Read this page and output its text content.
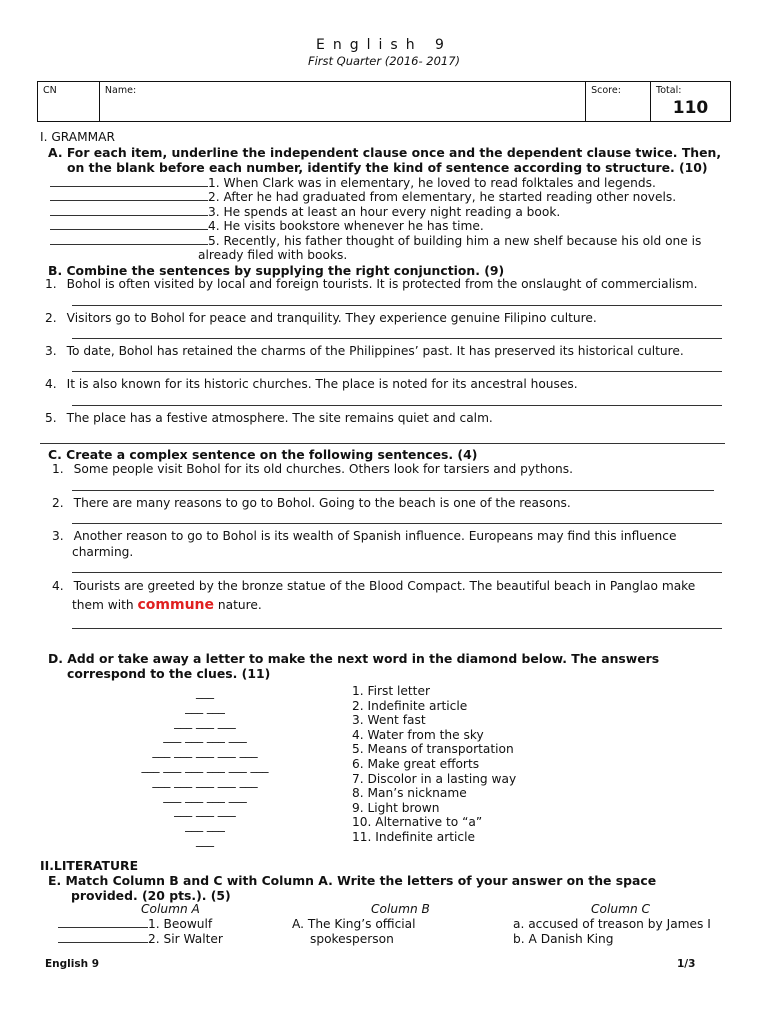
English 9
First Quarter (2016- 2017)
CN	Name:	Score:	Total:
110
I. GRAMMAR
A. For each item, underline the independent clause once and the dependent clause twice. Then,
on the blank before each number, identify the kind of sentence according to structure. (10)
1. When Clark was in elementary, he loved to read folktales and legends.
2. After he had graduated from elementary, he started reading other novels.
3. He spends at least an hour every night reading a book.
4. He visits bookstore whenever he has time.
5. Recently, his father thought of building him a new shelf because his old one is
already filed with books.
B. Combine the sentences by supplying the right conjunction. (9)
1. Bohol is often visited by local and foreign tourists. It is protected from the onslaught of commercialism.
2. Visitors go to Bohol for peace and tranquility. They experience genuine Filipino culture.
3. To date, Bohol has retained the charms of the Philippines’ past. It has preserved its historical culture.
4. It is also known for its historic churches. The place is noted for its ancestral houses.
5. The place has a festive atmosphere. The site remains quiet and calm.
C. Create a complex sentence on the following sentences. (4)
1. Some people visit Bohol for its old churches. Others look for tarsiers and pythons.
2. There are many reasons to go to Bohol. Going to the beach is one of the reasons.
3. Another reason to go to Bohol is its wealth of Spanish influence. Europeans may find this influence
charming.
4. Tourists are greeted by the bronze statue of the Blood Compact. The beautiful beach in Panglao make
them with commune nature.
D. Add or take away a letter to make the next word in the diamond below. The answers
correspond to the clues. (11)
___
___ ___
___ ___ ___
___ ___ ___ ___
___ ___ ___ ___ ___
___ ___ ___ ___ ___ ___
___ ___ ___ ___ ___
___ ___ ___ ___
___ ___ ___
___ ___
___
1. First letter
2. Indefinite article
3. Went fast
4. Water from the sky
5. Means of transportation
6. Make great efforts
7. Discolor in a lasting way
8. Man’s nickname
9. Light brown
10. Alternative to “a”
11. Indefinite article
II.LITERATURE
E. Match Column B and C with Column A. Write the letters of your answer on the space
provided. (20 pts.). (5)
Column A	Column B	Column C
1. Beowulf	A. The King’s official	a. accused of treason by James I
2. Sir Walter	spokesperson	b. A Danish King
English 9	1/3
